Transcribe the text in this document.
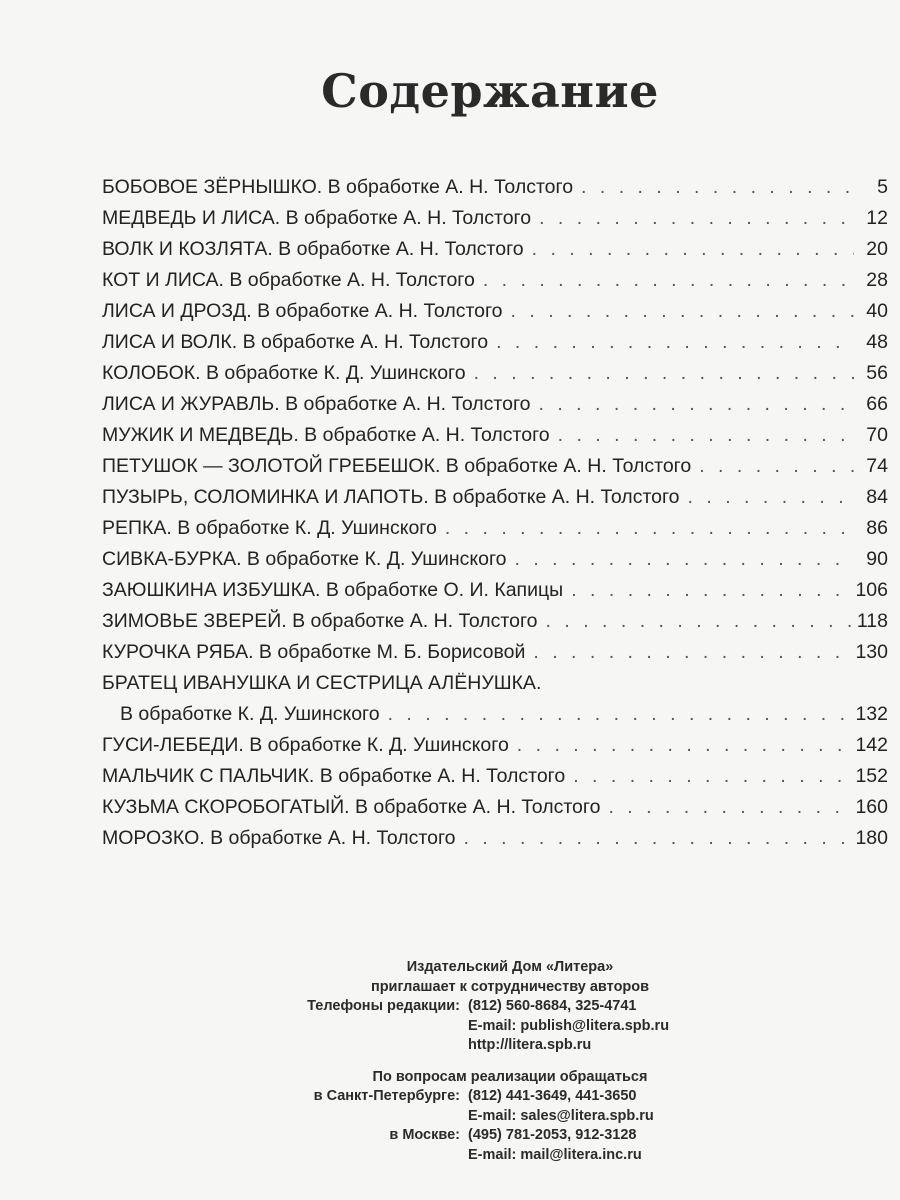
Содержание
БОБОВОЕ ЗЁРНЫШКО. В обработке А. Н. Толстого . . .	5
МЕДВЕДЬ И ЛИСА. В обработке А. Н. Толстого . . .	12
ВОЛК И КОЗЛЯТА. В обработке А. Н. Толстого . . .	20
КОТ И ЛИСА. В обработке А. Н. Толстого . . .	28
ЛИСА И ДРОЗД. В обработке А. Н. Толстого . . .	40
ЛИСА И ВОЛК. В обработке А. Н. Толстого . . .	48
КОЛОБОК. В обработке К. Д. Ушинского . . .	56
ЛИСА И ЖУРАВЛЬ. В обработке А. Н. Толстого . . .	66
МУЖИК И МЕДВЕДЬ. В обработке А. Н. Толстого . . .	70
ПЕТУШОК — ЗОЛОТОЙ ГРЕБЕШОК. В обработке А. Н. Толстого . . .	74
ПУЗЫРЬ, СОЛОМИНКА И ЛАПОТЬ. В обработке А. Н. Толстого . . .	84
РЕПКА. В обработке К. Д. Ушинского . . .	86
СИВКА-БУРКА. В обработке К. Д. Ушинского . . .	90
ЗАЮШКИНА ИЗБУШКА. В обработке О. И. Капицы . . .	106
ЗИМОВЬЕ ЗВЕРЕЙ. В обработке А. Н. Толстого . . .	118
КУРОЧКА РЯБА. В обработке М. Б. Борисовой . . .	130
БРАТЕЦ ИВАНУШКА И СЕСТРИЦА АЛЁНУШКА.
В обработке К. Д. Ушинского . . .	132
ГУСИ-ЛЕБЕДИ. В обработке К. Д. Ушинского . . .	142
МАЛЬЧИК С ПАЛЬЧИК. В обработке А. Н. Толстого . . .	152
КУЗЬМА СКОРОБОГАТЫЙ. В обработке А. Н. Толстого . . .	160
МОРОЗКО. В обработке А. Н. Толстого . . .	180
Издательский Дом «Литера»
приглашает к сотрудничеству авторов
Телефоны редакции: (812) 560-8684, 325-4741
E-mail: publish@litera.spb.ru
http://litera.spb.ru
По вопросам реализации обращаться
в Санкт-Петербурге: (812) 441-3649, 441-3650
E-mail: sales@litera.spb.ru
в Москве: (495) 781-2053, 912-3128
E-mail: mail@litera.inc.ru
